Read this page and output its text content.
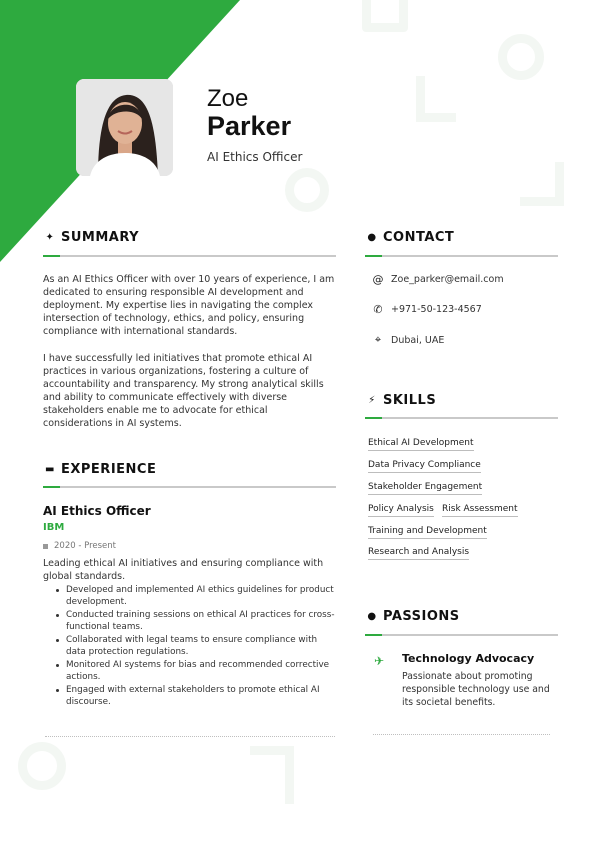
Zoe
Parker
AI Ethics Officer
✦ SUMMARY

As an AI Ethics Officer with over 10 years of experience, I am dedicated to ensuring responsible AI development and deployment. My expertise lies in navigating the complex intersection of technology, ethics, and policy, ensuring compliance with international standards.

I have successfully led initiatives that promote ethical AI practices in various organizations, fostering a culture of accountability and transparency. My strong analytical skills and ability to communicate effectively with diverse stakeholders enable me to advocate for ethical considerations in AI systems.

▬ EXPERIENCE
AI Ethics Officer
IBM
2020 - Present
Leading ethical AI initiatives and ensuring compliance with global standards.
Developed and implemented AI ethics guidelines for product development.
Conducted training sessions on ethical AI practices for cross-functional teams.
Collaborated with legal teams to ensure compliance with data protection regulations.
Monitored AI systems for bias and recommended corrective actions.
Engaged with external stakeholders to promote ethical AI discourse.
● CONTACT
@ Zoe_parker@email.com
✆ +971-50-123-4567
⌖	Dubai, UAE
⚡ SKILLS
Ethical AI Development
Data Privacy Compliance
Stakeholder Engagement
Policy Analysis Risk Assessment
Training and Development
Research and Analysis
● PASSIONS
✈ Technology Advocacy
Passionate about promoting responsible technology use and its societal benefits.
